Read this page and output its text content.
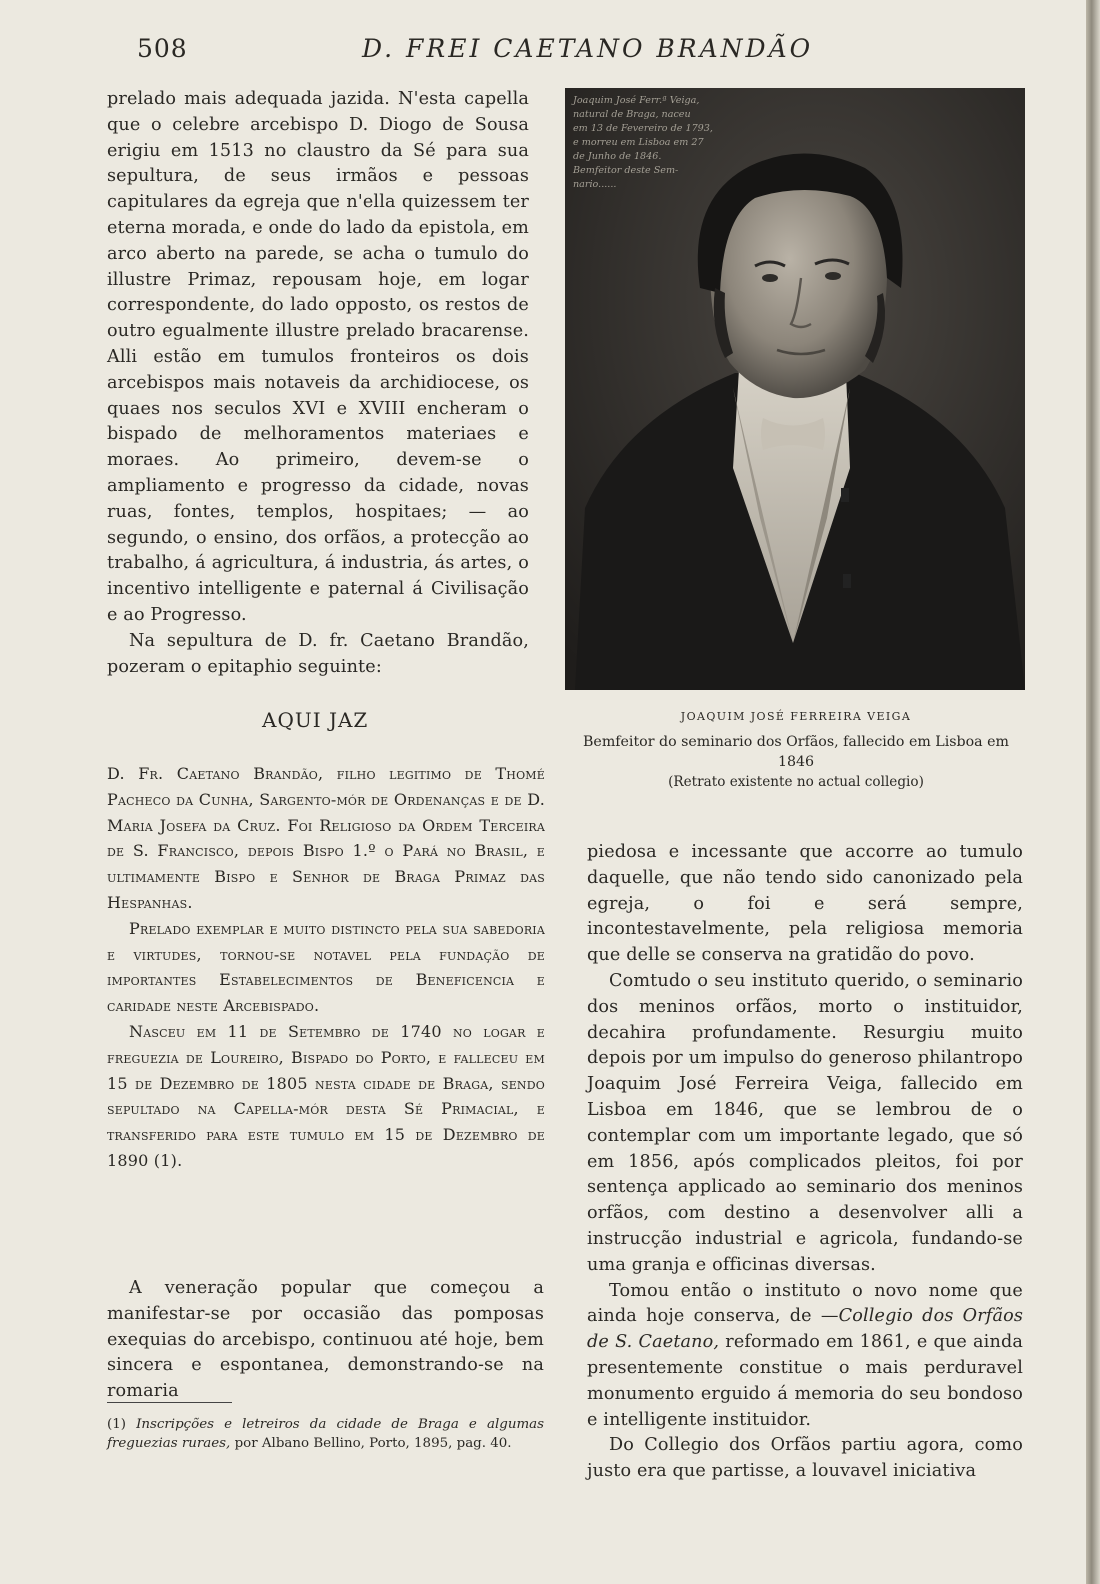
508	D. FREI CAETANO BRANDÃO

prelado mais adequada jazida. N'esta capella que o celebre arcebispo D. Diogo de Sousa erigiu em 1513 no claustro da Sé para sua sepultura, de seus irmãos e pessoas capitulares da egreja que n'ella quizessem ter eterna morada, e onde do lado da epistola, em arco aberto na parede, se acha o tumulo do illustre Primaz, repousam hoje, em logar correspondente, do lado opposto, os restos de outro egualmente illustre prelado bracarense. Alli estão em tumulos fronteiros os dois arcebispos mais notaveis da archidiocese, os quaes nos seculos XVI e XVIII encheram o bispado de melhoramentos materiaes e moraes. Ao primeiro, devem-se o ampliamento e progresso da cidade, novas ruas, fontes, templos, hospitaes; — ao segundo, o ensino, dos orfãos, a protecção ao trabalho, á agricultura, á industria, ás artes, o incentivo intelligente e paternal á Civilisação e ao Progresso.

Na sepultura de D. fr. Caetano Brandão, pozeram o epitaphio seguinte:

AQUI JAZ

D. Fr. Caetano Brandão, filho legitimo de Thomé Pacheco da Cunha, Sargento-mór de Ordenanças e de D. Maria Josefa da Cruz. Foi Religioso da Ordem Terceira de S. Francisco, depois Bispo 1.º o Pará no Brasil, e ultimamente Bispo e Senhor de Braga Primaz das Hespanhas.

Prelado exemplar e muito distincto pela sua sabedoria e virtudes, tornou-se notavel pela fundação de importantes Estabelecimentos de Beneficencia e caridade neste Arcebispado.

Nasceu em 11 de Setembro de 1740 no logar e freguezia de Loureiro, Bispado do Porto, e falleceu em 15 de Dezembro de 1805 nesta cidade de Braga, sendo sepultado na Capella-mór desta Sé Primacial, e transferido para este tumulo em 15 de Dezembro de 1890 (1).

A veneração popular que começou a manifestar-se por occasião das pomposas exequias do arcebispo, continuou até hoje, bem sincera e espontanea, demonstrando-se na romaria

(1) Inscripções e letreiros da cidade de Braga e algumas freguezias ruraes, por Albano Bellino, Porto, 1895, pag. 40.
Joaquim José Ferr.ª Veiga,
natural de Braga, naceu
em 13 de Fevereiro de 1793,
e morreu em Lisboa em 27
de Junho de 1846.
Bemfeitor deste Sem-
nario......
JOAQUIM JOSÉ FERREIRA VEIGA
Bemfeitor do seminario dos Orfãos, fallecido em Lisboa em 1846
(Retrato existente no actual collegio)

piedosa e incessante que accorre ao tumulo daquelle, que não tendo sido canonizado pela egreja, o foi e será sempre, incontestavelmente, pela religiosa memoria que delle se conserva na gratidão do povo.

Comtudo o seu instituto querido, o seminario dos meninos orfãos, morto o instituidor, decahira profundamente. Resurgiu muito depois por um impulso do generoso philantropo Joaquim José Ferreira Veiga, fallecido em Lisboa em 1846, que se lembrou de o contemplar com um importante legado, que só em 1856, após complicados pleitos, foi por sentença applicado ao seminario dos meninos orfãos, com destino a desenvolver alli a instrucção industrial e agricola, fundando-se uma granja e officinas diversas.

Tomou então o instituto o novo nome que ainda hoje conserva, de —Collegio dos Orfãos de S. Caetano, reformado em 1861, e que ainda presentemente constitue o mais perduravel monumento erguido á memoria do seu bondoso e intelligente instituidor.

Do Collegio dos Orfãos partiu agora, como justo era que partisse, a louvavel iniciativa
